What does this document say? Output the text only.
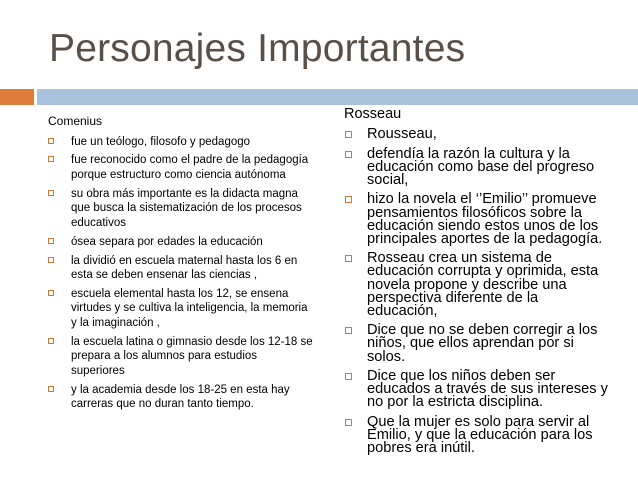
Personajes Importantes

Comenius

fue un teólogo, filosofo y pedagogo
fue reconocido como el padre de la pedagogía porque estructuro como ciencia autónoma
su obra más importante es la didacta magna que busca la sistematización de los procesos educativos
ósea separa por edades la educación
la dividió en escuela maternal hasta los 6 en esta se deben ensenar las ciencias ,
escuela elemental hasta los 12, se ensena virtudes y se cultiva la inteligencia, la memoria y la imaginación ,
la escuela latina o gimnasio desde los 12-18 se prepara a los alumnos para estudios superiores
y la academia desde los 18-25 en esta hay carreras que no duran tanto tiempo.

Rosseau

Rousseau,
defendía la razón la cultura y la educación como base del progreso social,
hizo la novela el ‘’Emilio’’ promueve pensamientos filosóficos sobre la educación siendo estos unos de los principales aportes de la pedagogía.
Rosseau crea un sistema de educación corrupta y oprimida, esta novela propone y describe una perspectiva diferente de la educación,
Dice que no se deben corregir a los niños, que ellos aprendan por si solos.
Dice que los niños deben ser educados a través de sus intereses y no por la estricta disciplina.
Que la mujer es solo para servir al Emilio, y que la educación para los pobres era inútil.
